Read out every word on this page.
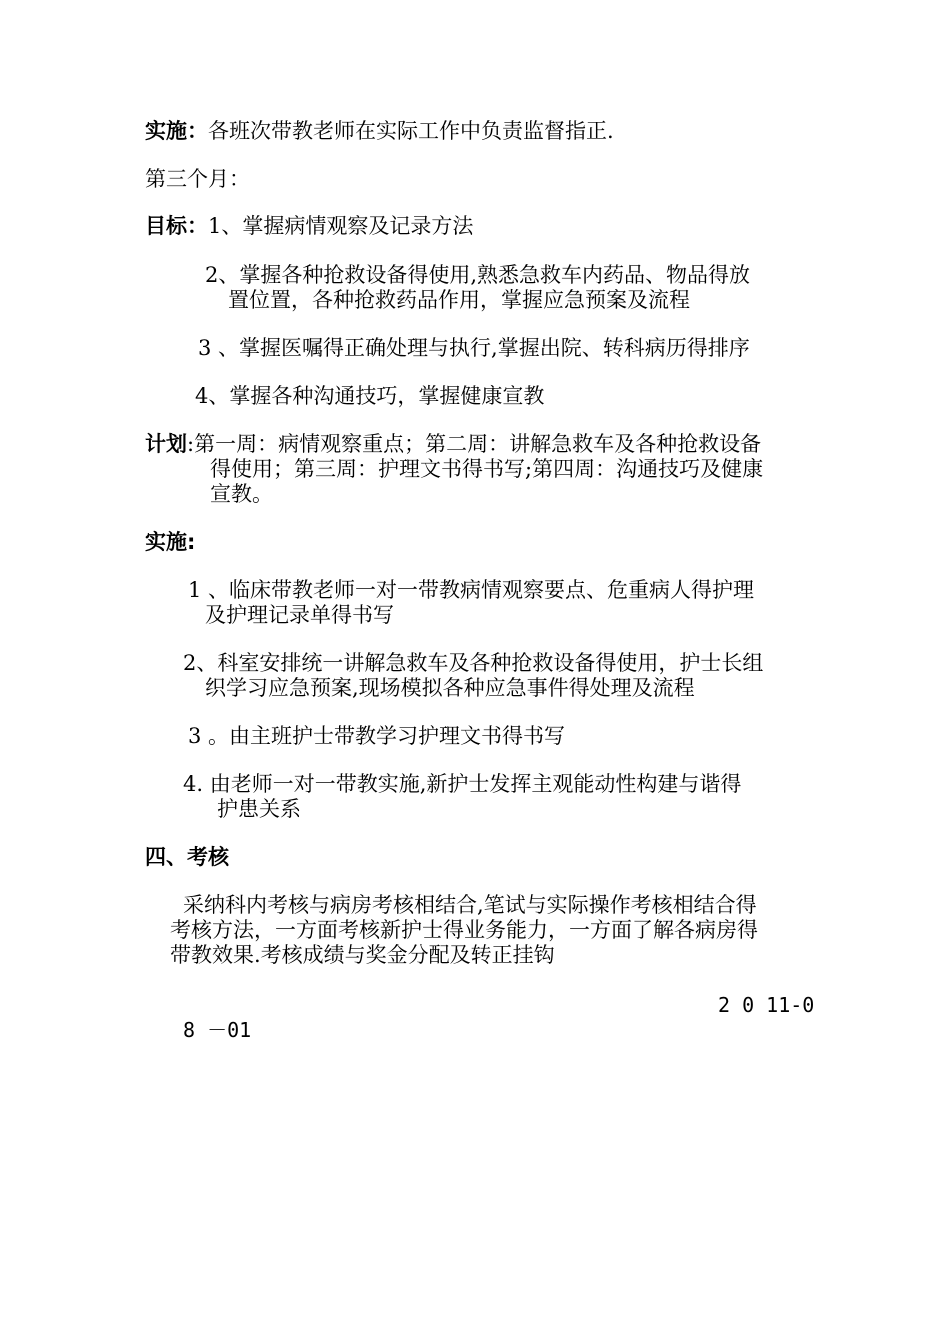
实施：各班次带教老师在实际工作中负责监督指正.
第三个月：
目标：1、掌握病情观察及记录方法
2、掌握各种抢救设备得使用,熟悉急救车内药品、物品得放
置位置，各种抢救药品作用，掌握应急预案及流程
3 、掌握医嘱得正确处理与执行,掌握出院、转科病历得排序
4、掌握各种沟通技巧，掌握健康宣教
计划:第一周：病情观察重点；第二周：讲解急救车及各种抢救设备
得使用；第三周：护理文书得书写;第四周：沟通技巧及健康
宣教。
实施:
1 、临床带教老师一对一带教病情观察要点、危重病人得护理
及护理记录单得书写
2、科室安排统一讲解急救车及各种抢救设备得使用，护士长组
织学习应急预案,现场模拟各种应急事件得处理及流程
3 。由主班护士带教学习护理文书得书写
4. 由老师一对一带教实施,新护士发挥主观能动性构建与谐得
护患关系
四、考核
采纳科内考核与病房考核相结合,笔试与实际操作考核相结合得
考核方法，一方面考核新护士得业务能力，一方面了解各病房得
带教效果.考核成绩与奖金分配及转正挂钩
2 0 11-0
8 －01
